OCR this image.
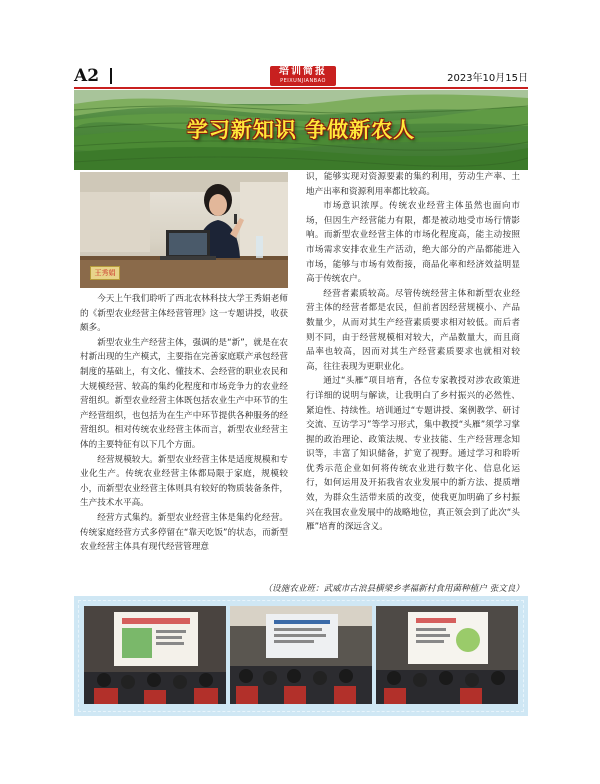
A2	培训简报
PEIXUNJIANBAO	2023年10月15日
学习新知识 争做新农人
王秀娟

今天上午我们聆听了西北农林科技大学王秀娟老师的《新型农业经营主体经营管理》这一专题讲授，收获颇多。

新型农业生产经营主体，强调的是“新”，就是在农村新出现的生产模式，主要指在完善家庭联产承包经营制度的基础上，有文化、懂技术、会经营的职业农民和大规模经营、较高的集约化程度和市场竞争力的农业经营组织。新型农业经营主体既包括农业生产中环节的生产经营组织，也包括为在生产中环节提供各种服务的经营组织。相对传统农业经营主体而言，新型农业经营主体的主要特征有以下几个方面。

经营规模较大。新型农业经营主体是适度规模和专业化生产。传统农业经营主体都局限于家庭，规模较小，而新型农业经营主体则具有较好的物质装备条件，生产技术水平高。

经营方式集约。新型农业经营主体是集约化经营。传统家庭经营方式多停留在“靠天吃饭”的状态，而新型农业经营主体具有现代经营管理意

识，能够实现对资源要素的集约利用，劳动生产率、土地产出率和资源利用率都比较高。

市场意识浓厚。传统农业经营主体虽然也面向市场，但因生产经营能力有限，都是被动地受市场行情影响。而新型农业经营主体的市场化程度高，能主动按照市场需求安排农业生产活动，绝大部分的产品都能进入市场，能够与市场有效衔接，商品化率和经济效益明显高于传统农户。

经营者素质较高。尽管传统经营主体和新型农业经营主体的经营者都是农民，但前者因经营规模小、产品数量少，从而对其生产经营素质要求相对较低。而后者则不同，由于经营规模相对较大，产品数量大，而且商品率也较高，因而对其生产经营素质要求也就相对较高，往往表现为更职业化。

通过“头雁”项目培育，各位专家教授对涉农政策进行详细的说明与解读，让我明白了乡村振兴的必然性、紧迫性、持续性。培训通过“专题讲授、案例教学、研讨交流、互访学习”等学习形式，集中教授“头雁”须学习掌握的政治理论、政策法规、专业技能、生产经营理念知识等，丰富了知识储备，扩宽了视野。通过学习和聆听优秀示范企业如何将传统农业进行数字化、信息化运行，如何运用及开拓我省农业发展中的新方法、提质增效，为群众生活带来质的改变，使我更加明确了乡村振兴在我国农业发展中的战略地位，真正领会到了此次“头雁”培育的深远含义。

（设施农业班：武威市古浪县横梁乡孝福新村食用菌种植户 张文良）
